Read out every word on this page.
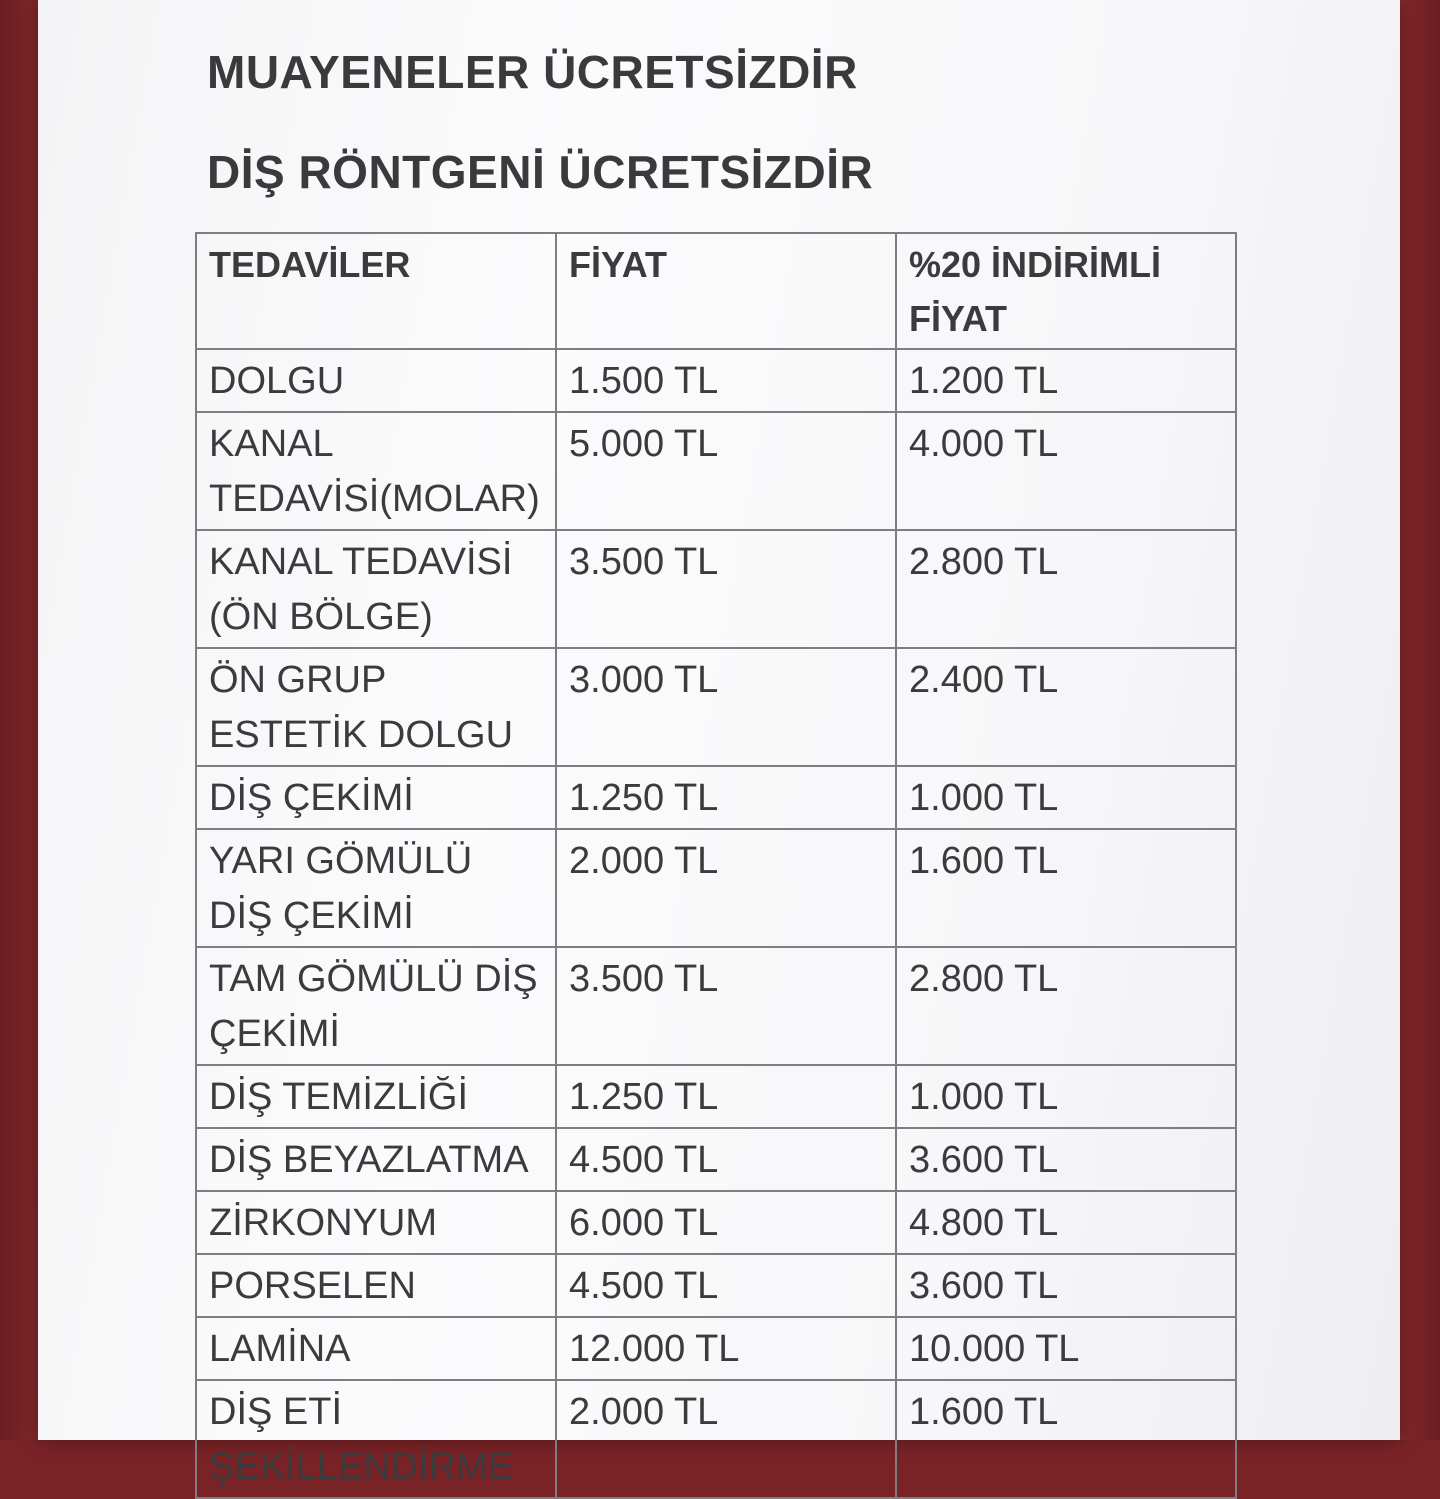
MUAYENELER ÜCRETSİZDİR
DİŞ RÖNTGENİ ÜCRETSİZDİR
TEDAVİLER	FİYAT	%20 İNDİRİMLİ FİYAT
DOLGU	1.500 TL	1.200 TL
KANAL TEDAVİSİ(MOLAR)	5.000 TL	4.000 TL
KANAL TEDAVİSİ (ÖN BÖLGE)	3.500 TL	2.800 TL
ÖN GRUP ESTETİK DOLGU	3.000 TL	2.400 TL
DİŞ ÇEKİMİ	1.250 TL	1.000 TL
YARI GÖMÜLÜ DİŞ ÇEKİMİ	2.000 TL	1.600 TL
TAM GÖMÜLÜ DİŞ ÇEKİMİ	3.500 TL	2.800 TL
DİŞ TEMİZLİĞİ	1.250 TL	1.000 TL
DİŞ BEYAZLATMA	4.500 TL	3.600 TL
ZİRKONYUM	6.000 TL	4.800 TL
PORSELEN	4.500 TL	3.600 TL
LAMİNA	12.000 TL	10.000 TL
DİŞ ETİ ŞEKİLLENDİRME	2.000 TL	1.600 TL
